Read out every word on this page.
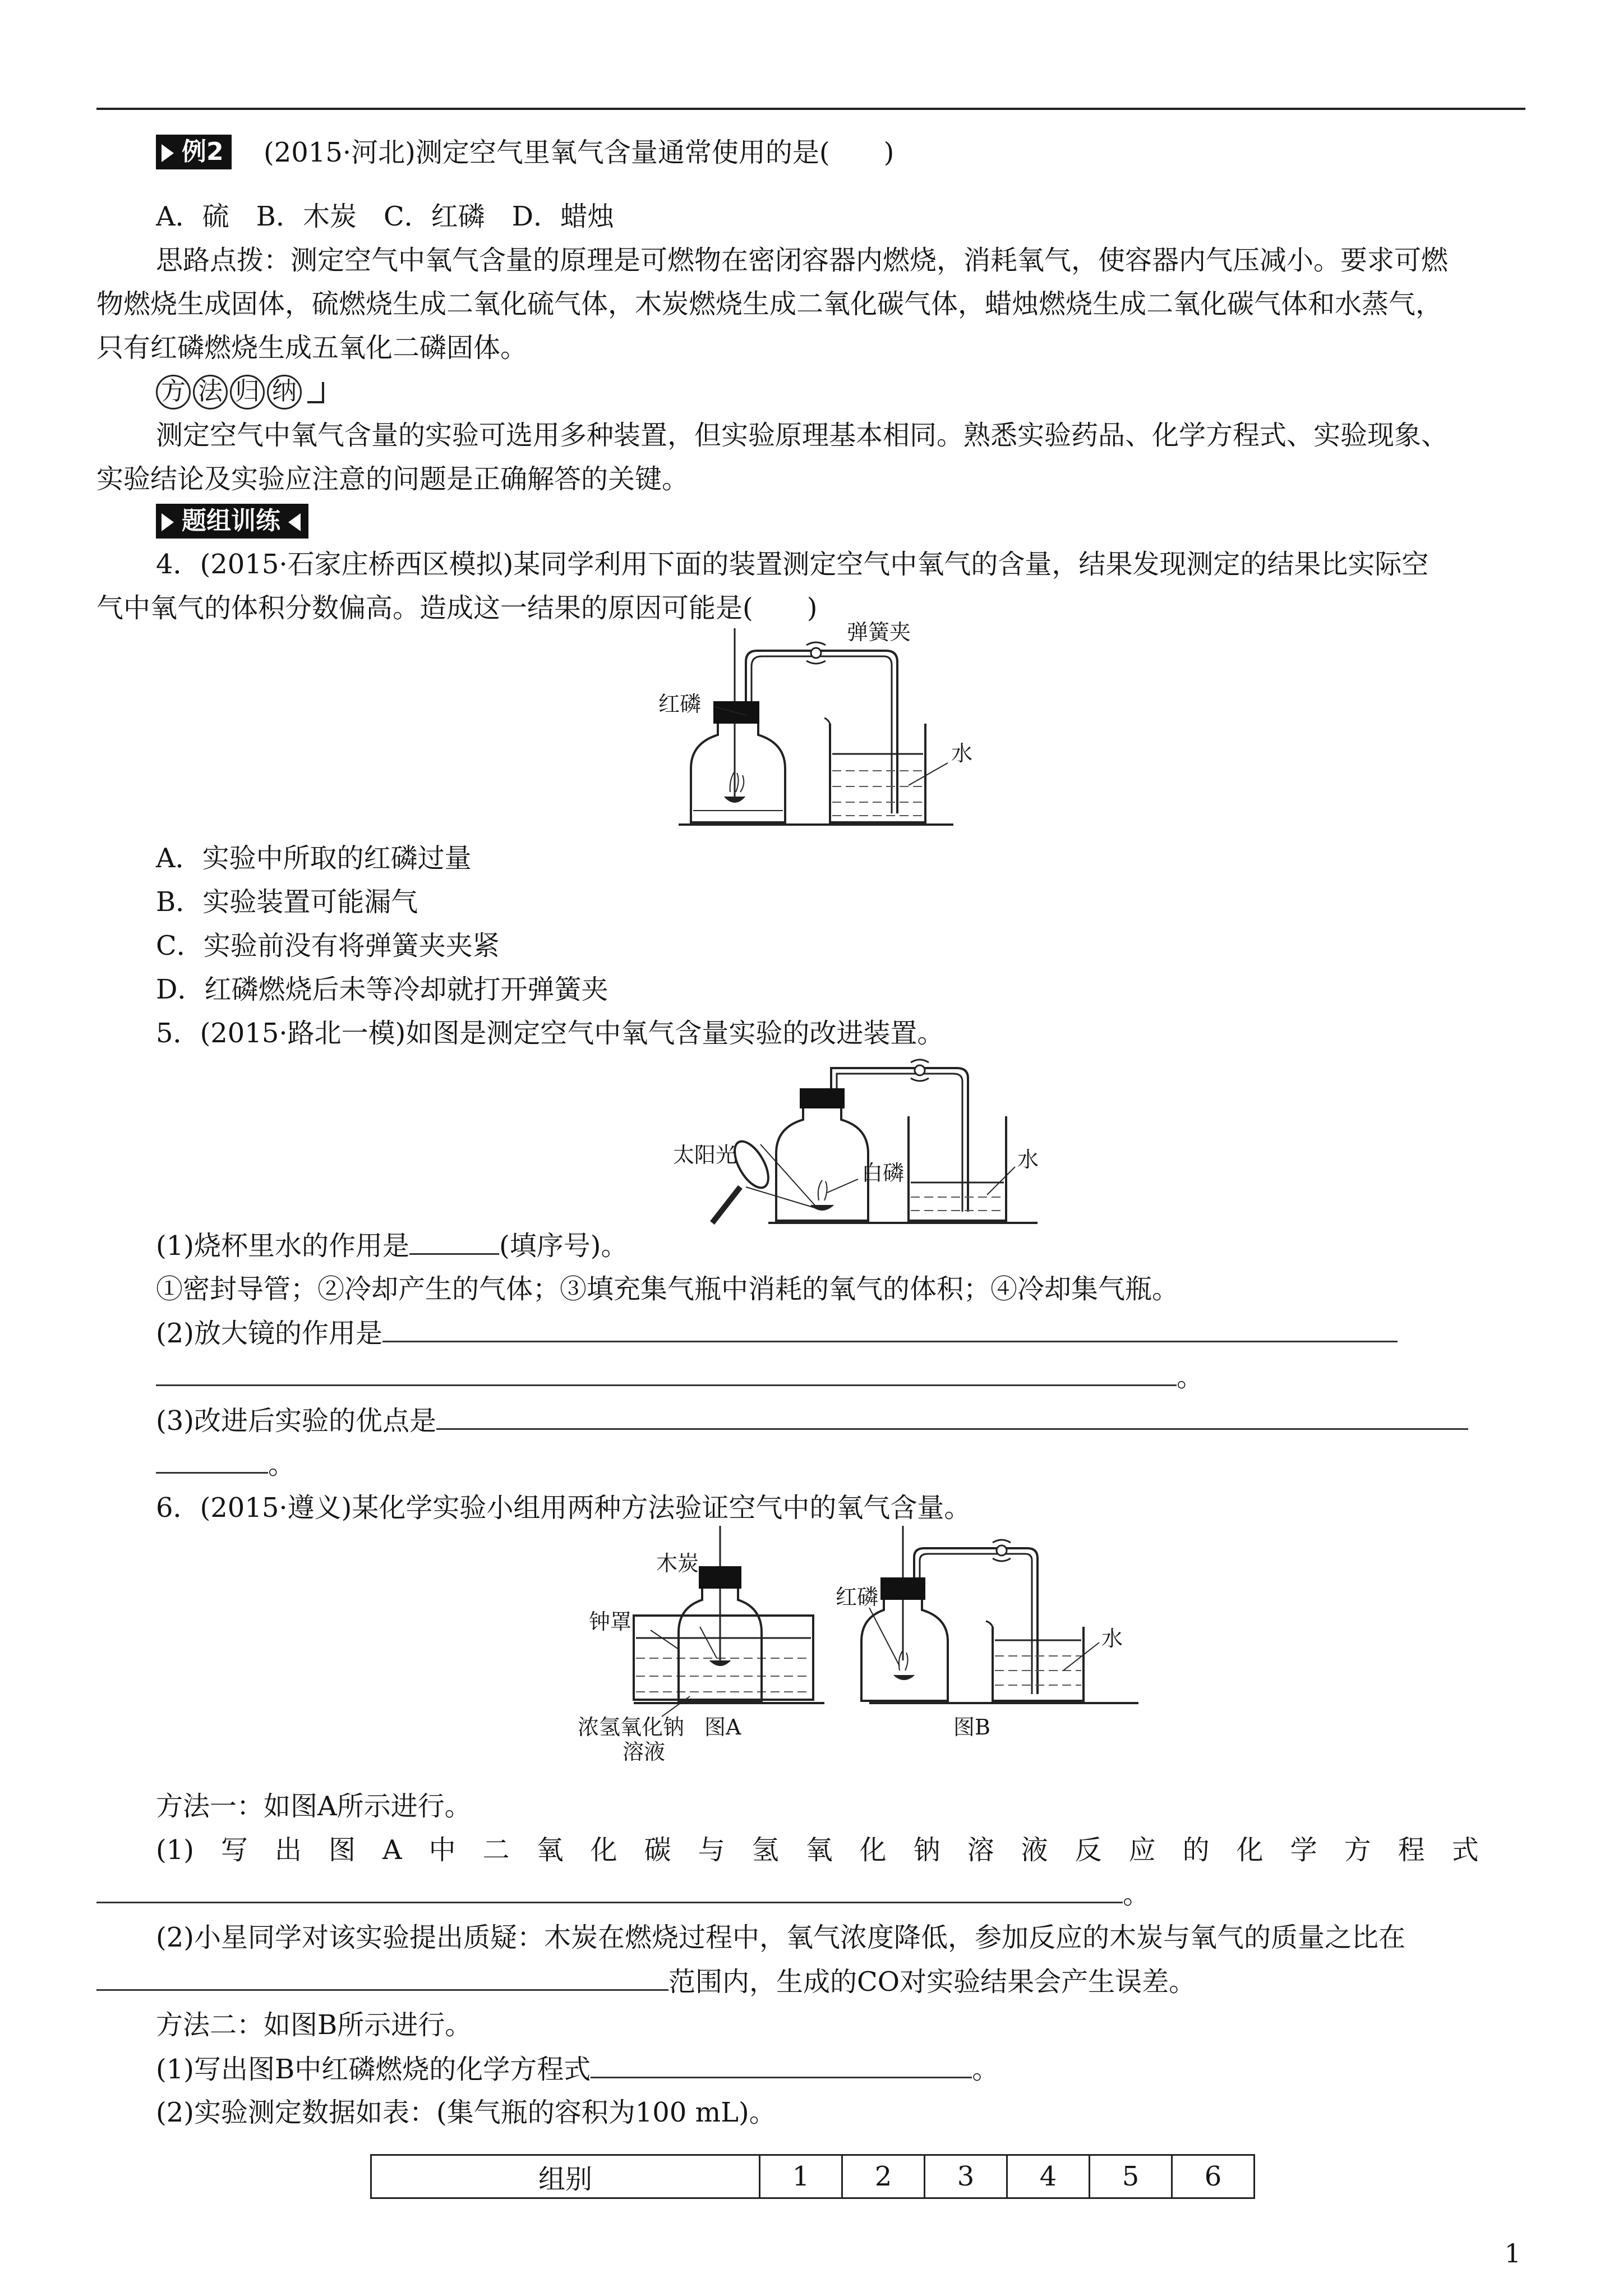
例2 (2015·河北)测定空气里氧气含量通常使用的是(　　)
A．硫　B．木炭　C．红磷　D．蜡烛
思路点拨：测定空气中氧气含量的原理是可燃物在密闭容器内燃烧，消耗氧气，使容器内气压减小。要求可燃
物燃烧生成固体，硫燃烧生成二氧化硫气体，木炭燃烧生成二氧化碳气体，蜡烛燃烧生成二氧化碳气体和水蒸气，
只有红磷燃烧生成五氧化二磷固体。
方 法 归 纳
测定空气中氧气含量的实验可选用多种装置，但实验原理基本相同。熟悉实验药品、化学方程式、实验现象、
实验结论及实验应注意的问题是正确解答的关键。
题组训练
4．(2015·石家庄桥西区模拟)某同学利用下面的装置测定空气中氧气的含量，结果发现测定的结果比实际空
气中氧气的体积分数偏高。造成这一结果的原因可能是(　　)
弹簧夹
红磷
水
A．实验中所取的红磷过量
B．实验装置可能漏气
C．实验前没有将弹簧夹夹紧
D．红磷燃烧后未等冷却就打开弹簧夹
5．(2015·路北一模)如图是测定空气中氧气含量实验的改进装置。
太阳光
白磷
水
(1)烧杯里水的作用是	(填序号)。
①密封导管；②冷却产生的气体；③填充集气瓶中消耗的氧气的体积；④冷却集气瓶。
(2)放大镜的作用是
。
(3)改进后实验的优点是
。
6．(2015·遵义)某化学实验小组用两种方法验证空气中的氧气含量。
木炭
钟罩
浓氢氧化钠
溶液
图A
红磷
水
图B
方法一：如图A所示进行。
(1)　写　出　图　A　中　二　氧　化　碳　与　氢　氧　化　钠　溶　液　反　应　的　化　学　方　程　式
。
(2)小星同学对该实验提出质疑：木炭在燃烧过程中，氧气浓度降低，参加反应的木炭与氧气的质量之比在
范围内，生成的CO对实验结果会产生误差。
方法二：如图B所示进行。
(1)写出图B中红磷燃烧的化学方程式	。
(2)实验测定数据如表：(集气瓶的容积为100 mL)。
组别	1	2	3	4	5	6
1
